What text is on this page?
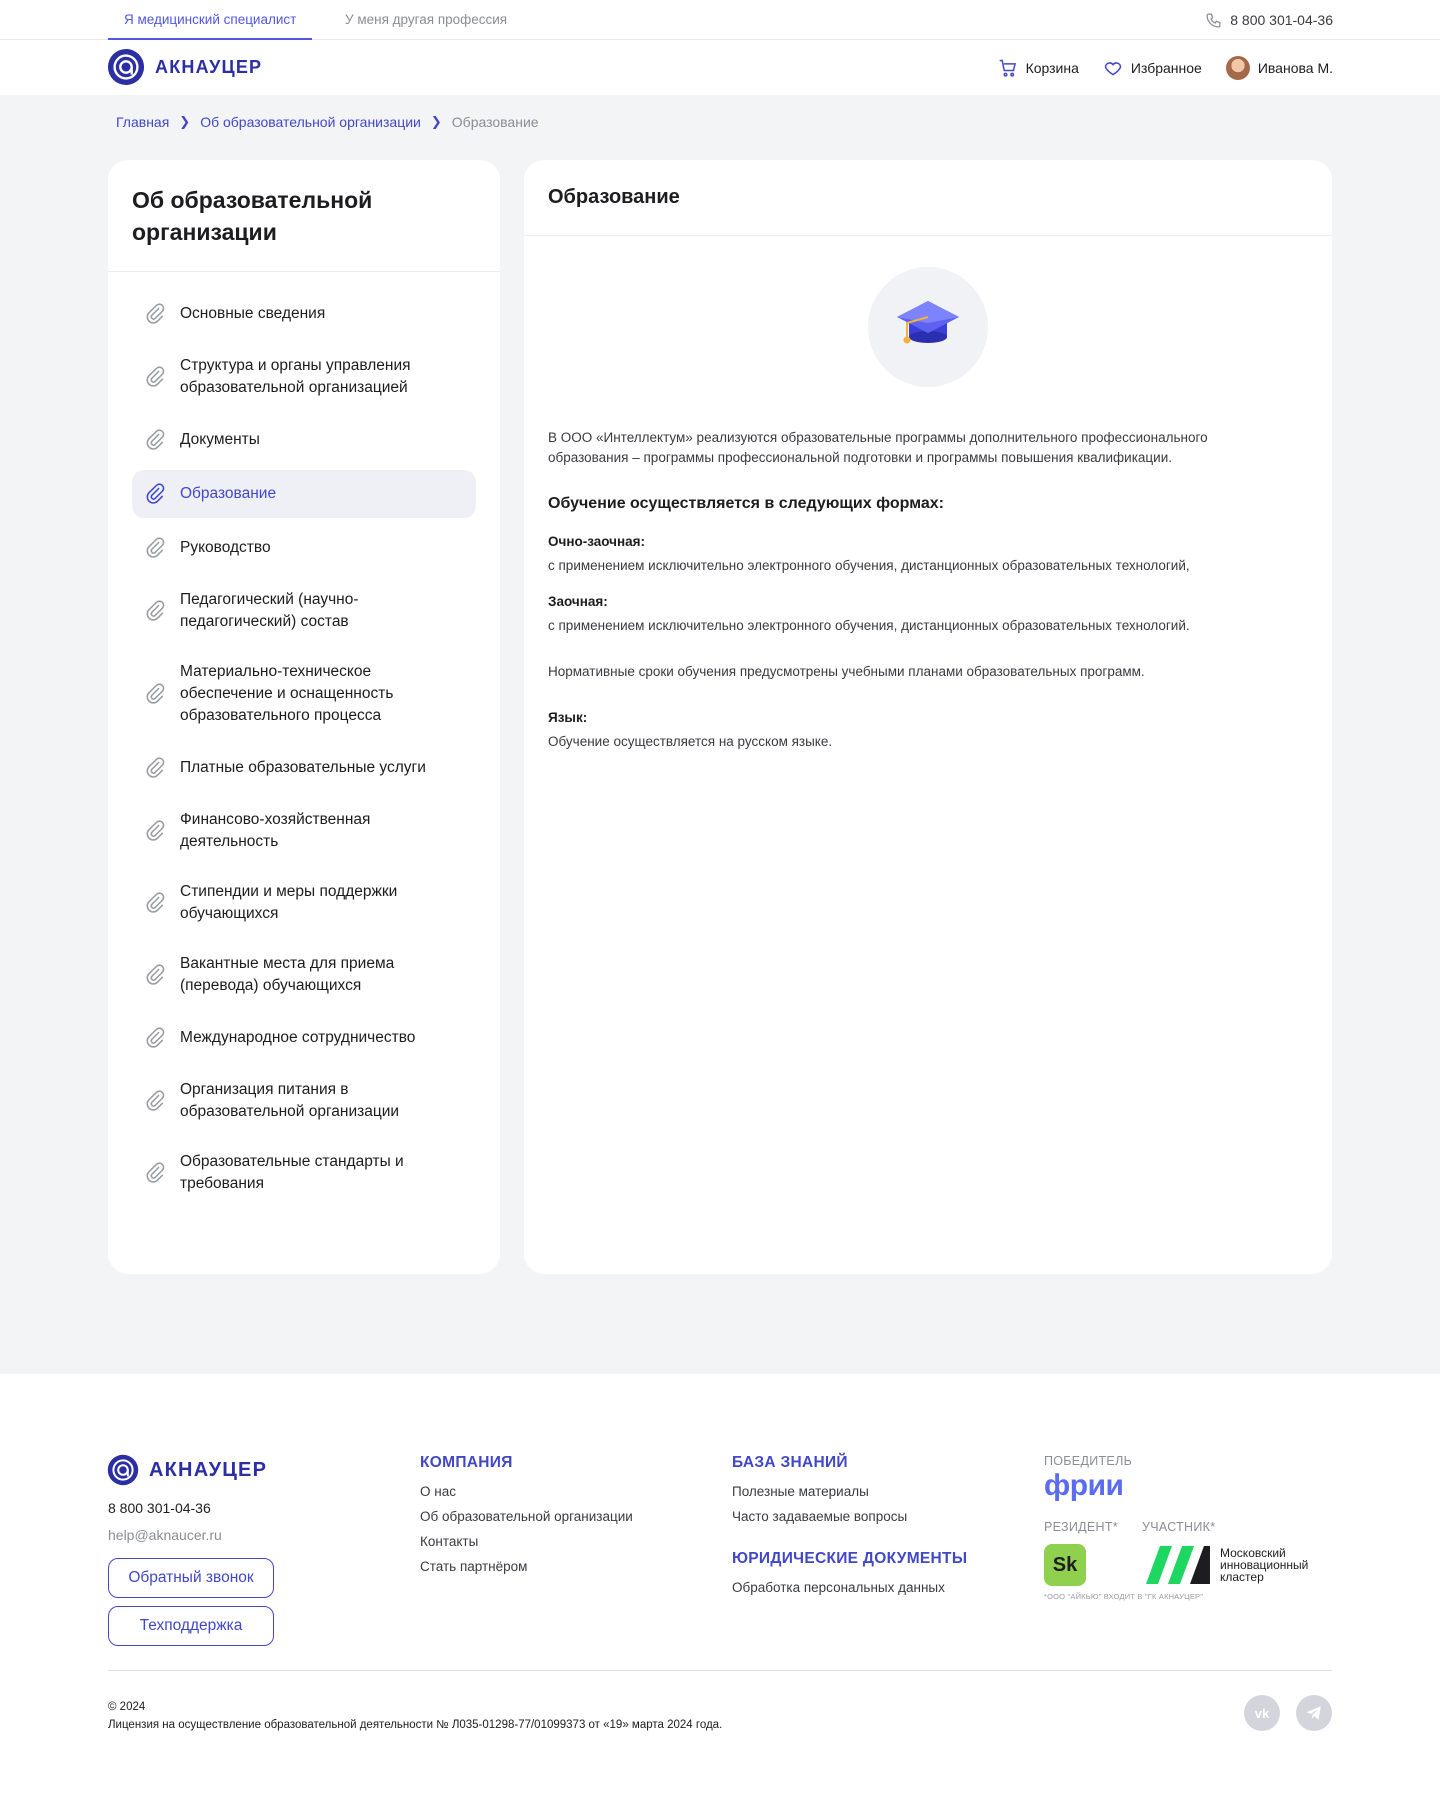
Я медицинский специалист	У меня другая профессия	8 800 301-04-36
АКНАУЦЕР	Корзина	Избранное	Иванова М.
Главная ❯ Об образовательной организации ❯ Образование
Об образовательной организации
Основные сведения
Структура и органы управления образовательной организацией
Документы
Образование
Руководство
Педагогический (научно-педагогический) состав
Материально-техническое обеспечение и оснащенность образовательного процесса
Платные образовательные услуги
Финансово-хозяйственная деятельность
Стипендии и меры поддержки обучающихся
Вакантные места для приема (перевода) обучающихся
Международное сотрудничество
Организация питания в образовательной организации
Образовательные стандарты и требования
Образование

В ООО «Интеллектум» реализуются образовательные программы дополнительного профессионального образования – программы профессиональной подготовки и программы повышения квалификации.

Обучение осуществляется в следующих формах:
Очно-заочная:
с применением исключительно электронного обучения, дистанционных образовательных технологий,
Заочная:
с применением исключительно электронного обучения, дистанционных образовательных технологий.
Нормативные сроки обучения предусмотрены учебными планами образовательных программ.
Язык:
Обучение осуществляется на русском языке.
АКНАУЦЕР
8 800 301-04-36
help@aknaucer.ru
Обратный звонок
Техподдержка
КОМПАНИЯ
О нас
Об образовательной организации
Контакты
Стать партнёром
БАЗА ЗНАНИЙ
Полезные материалы
Часто задаваемые вопросы
ЮРИДИЧЕСКИЕ ДОКУМЕНТЫ
Обработка персональных данных
ПОБЕДИТЕЛЬ
фрии
РЕЗИДЕНТ* УЧАСТНИК*
Sk
Московский инновационный кластер
*ООО "АЙКЬЮ" ВХОДИТ В "ГК АКНАУЦЕР"
© 2024
Лицензия на осуществление образовательной деятельности № Л035-01298-77/01099373 от «19» марта 2024 года.
vk
